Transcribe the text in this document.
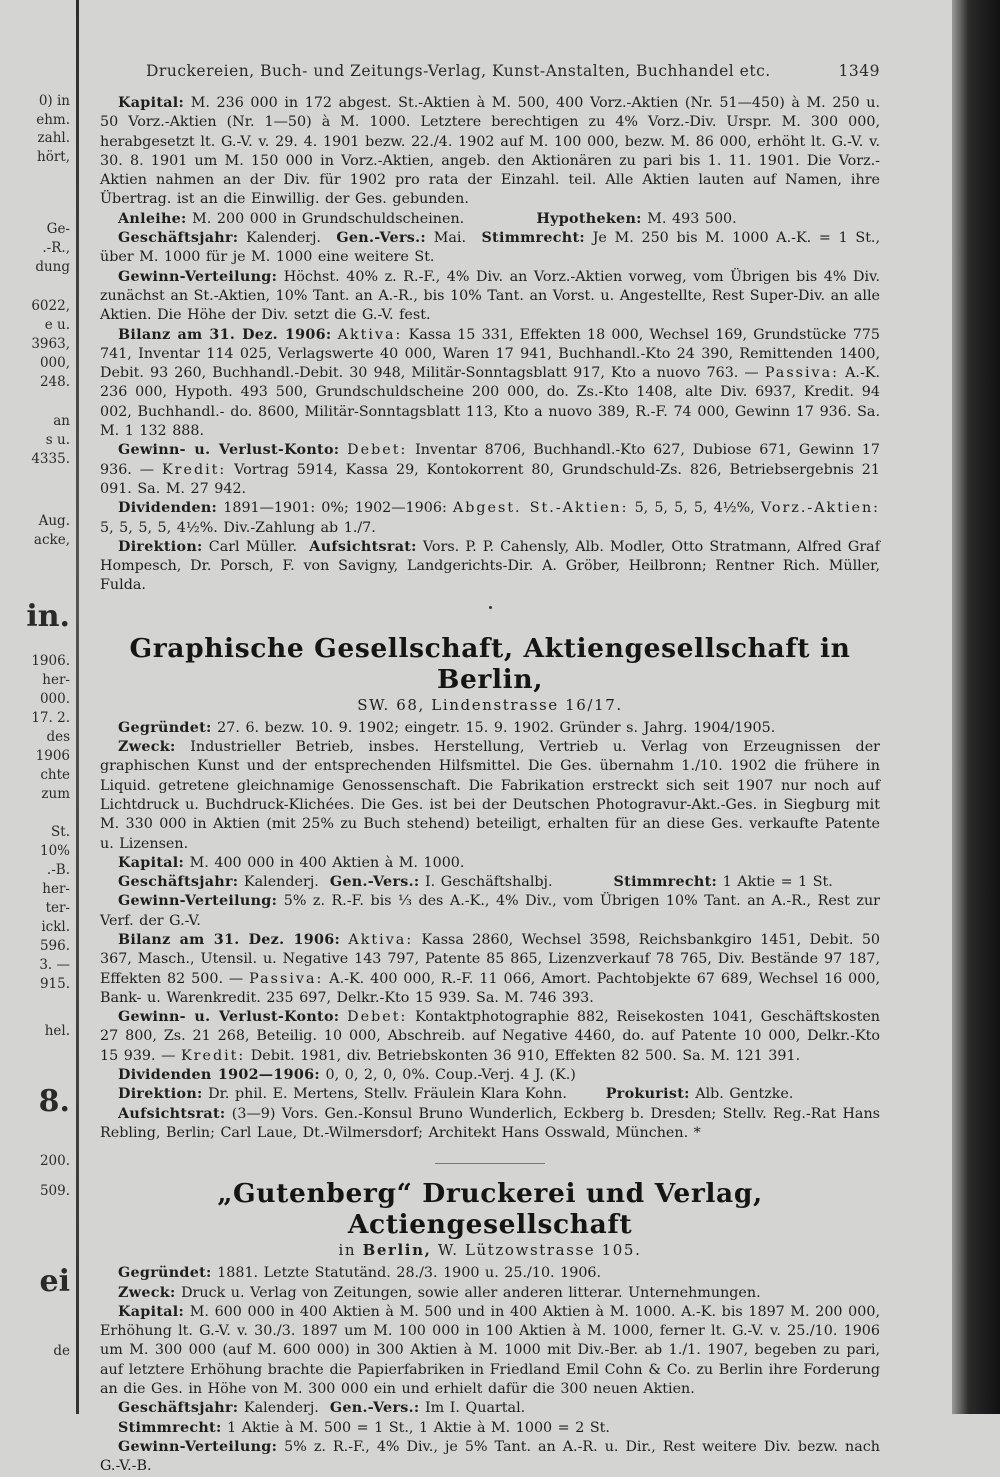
0) in
ehm.
zahl.
hört,
Ge-
.-R.,
dung
6022,
e u.
3963,
000,
248.
an
s u.
4335.
Aug.
acke,
in.
1906.
her-
000.
17. 2.
des
1906
chte
zum
St.
10%
.-B.
her-
ter-
ickl.
596.
3. —
915.
hel.
8.
200.
509.
ei
de
Druckereien, Buch- und Zeitungs-Verlag, Kunst-Anstalten, Buchhandel etc.	1349

Kapital: M. 236 000 in 172 abgest. St.-Aktien à M. 500, 400 Vorz.-Aktien (Nr. 51—450) à M. 250 u. 50 Vorz.-Aktien (Nr. 1—50) à M. 1000. Letztere berechtigen zu 4% Vorz.-Div. Urspr. M. 300 000, herabgesetzt lt. G.-V. v. 29. 4. 1901 bezw. 22./4. 1902 auf M. 100 000, bezw. M. 86 000, erhöht lt. G.-V. v. 30. 8. 1901 um M. 150 000 in Vorz.-Aktien, angeb. den Aktionären zu pari bis 1. 11. 1901. Die Vorz.-Aktien nahmen an der Div. für 1902 pro rata der Einzahl. teil. Alle Aktien lauten auf Namen, ihre Übertrag. ist an die Einwillig. der Ges. gebunden.

Anleihe: M. 200 000 in Grundschuldscheinen.	Hypotheken: M. 493 500.

Geschäftsjahr: Kalenderj. Gen.-Vers.: Mai. Stimmrecht: Je M. 250 bis M. 1000 A.-K. = 1 St., über M. 1000 für je M. 1000 eine weitere St.

Gewinn-Verteilung: Höchst. 40% z. R.-F., 4% Div. an Vorz.-Aktien vorweg, vom Übrigen bis 4% Div. zunächst an St.-Aktien, 10% Tant. an A.-R., bis 10% Tant. an Vorst. u. Angestellte, Rest Super-Div. an alle Aktien. Die Höhe der Div. setzt die G.-V. fest.

Bilanz am 31. Dez. 1906: Aktiva: Kassa 15 331, Effekten 18 000, Wechsel 169, Grundstücke 775 741, Inventar 114 025, Verlagswerte 40 000, Waren 17 941, Buchhandl.-Kto 24 390, Remittenden 1400, Debit. 93 260, Buchhandl.-Debit. 30 948, Militär-Sonntagsblatt 917, Kto a nuovo 763. — Passiva: A.-K. 236 000, Hypoth. 493 500, Grundschuldscheine 200 000, do. Zs.-Kto 1408, alte Div. 6937, Kredit. 94 002, Buchhandl.- do. 8600, Militär-Sonntagsblatt 113, Kto a nuovo 389, R.-F. 74 000, Gewinn 17 936. Sa. M. 1 132 888.

Gewinn- u. Verlust-Konto: Debet: Inventar 8706, Buchhandl.-Kto 627, Dubiose 671, Gewinn 17 936. — Kredit: Vortrag 5914, Kassa 29, Kontokorrent 80, Grundschuld-Zs. 826, Betriebsergebnis 21 091. Sa. M. 27 942.

Dividenden: 1891—1901: 0%; 1902—1906: Abgest. St.-Aktien: 5, 5, 5, 5, 4½%, Vorz.-Aktien: 5, 5, 5, 5, 4½%. Div.-Zahlung ab 1./7.

Direktion: Carl Müller. Aufsichtsrat: Vors. P. P. Cahensly, Alb. Modler, Otto Stratmann, Alfred Graf Hompesch, Dr. Porsch, F. von Savigny, Landgerichts-Dir. A. Gröber, Heilbronn; Rentner Rich. Müller, Fulda.

Graphische Gesellschaft, Aktiengesellschaft in Berlin,
SW. 68, Lindenstrasse 16/17.

Gegründet: 27. 6. bezw. 10. 9. 1902; eingetr. 15. 9. 1902. Gründer s. Jahrg. 1904/1905.

Zweck: Industrieller Betrieb, insbes. Herstellung, Vertrieb u. Verlag von Erzeugnissen der graphischen Kunst und der entsprechenden Hilfsmittel. Die Ges. übernahm 1./10. 1902 die frühere in Liquid. getretene gleichnamige Genossenschaft. Die Fabrikation erstreckt sich seit 1907 nur noch auf Lichtdruck u. Buchdruck-Klichées. Die Ges. ist bei der Deutschen Photogravur-Akt.-Ges. in Siegburg mit M. 330 000 in Aktien (mit 25% zu Buch stehend) beteiligt, erhalten für an diese Ges. verkaufte Patente u. Lizensen.

Kapital: M. 400 000 in 400 Aktien à M. 1000.

Geschäftsjahr: Kalenderj. Gen.-Vers.: I. Geschäftshalbj.	Stimmrecht: 1 Aktie = 1 St.

Gewinn-Verteilung: 5% z. R.-F. bis ⅓ des A.-K., 4% Div., vom Übrigen 10% Tant. an A.-R., Rest zur Verf. der G.-V.

Bilanz am 31. Dez. 1906: Aktiva: Kassa 2860, Wechsel 3598, Reichsbankgiro 1451, Debit. 50 367, Masch., Utensil. u. Negative 143 797, Patente 85 865, Lizenzverkauf 78 765, Div. Bestände 97 187, Effekten 82 500. — Passiva: A.-K. 400 000, R.-F. 11 066, Amort. Pachtobjekte 67 689, Wechsel 16 000, Bank- u. Warenkredit. 235 697, Delkr.-Kto 15 939. Sa. M. 746 393.

Gewinn- u. Verlust-Konto: Debet: Kontaktphotographie 882, Reisekosten 1041, Geschäftskosten 27 800, Zs. 21 268, Beteilig. 10 000, Abschreib. auf Negative 4460, do. auf Patente 10 000, Delkr.-Kto 15 939. — Kredit: Debit. 1981, div. Betriebskonten 36 910, Effekten 82 500. Sa. M. 121 391.

Dividenden 1902—1906: 0, 0, 2, 0, 0%. Coup.-Verj. 4 J. (K.)

Direktion: Dr. phil. E. Mertens, Stellv. Fräulein Klara Kohn.	Prokurist: Alb. Gentzke.

Aufsichtsrat: (3—9) Vors. Gen.-Konsul Bruno Wunderlich, Eckberg b. Dresden; Stellv. Reg.-Rat Hans Rebling, Berlin; Carl Laue, Dt.-Wilmersdorf; Architekt Hans Osswald, München. *

„Gutenberg“ Druckerei und Verlag, Actiengesellschaft
in Berlin, W. Lützowstrasse 105.

Gegründet: 1881. Letzte Statutänd. 28./3. 1900 u. 25./10. 1906.

Zweck: Druck u. Verlag von Zeitungen, sowie aller anderen litterar. Unternehmungen.

Kapital: M. 600 000 in 400 Aktien à M. 500 und in 400 Aktien à M. 1000. A.-K. bis 1897 M. 200 000, Erhöhung lt. G.-V. v. 30./3. 1897 um M. 100 000 in 100 Aktien à M. 1000, ferner lt. G.-V. v. 25./10. 1906 um M. 300 000 (auf M. 600 000) in 300 Aktien à M. 1000 mit Div.-Ber. ab 1./1. 1907, begeben zu pari, auf letztere Erhöhung brachte die Papierfabriken in Friedland Emil Cohn & Co. zu Berlin ihre Forderung an die Ges. in Höhe von M. 300 000 ein und erhielt dafür die 300 neuen Aktien.

Geschäftsjahr: Kalenderj. Gen.-Vers.: Im I. Quartal.

Stimmrecht: 1 Aktie à M. 500 = 1 St., 1 Aktie à M. 1000 = 2 St.

Gewinn-Verteilung: 5% z. R.-F., 4% Div., je 5% Tant. an A.-R. u. Dir., Rest weitere Div. bezw. nach G.-V.-B.
